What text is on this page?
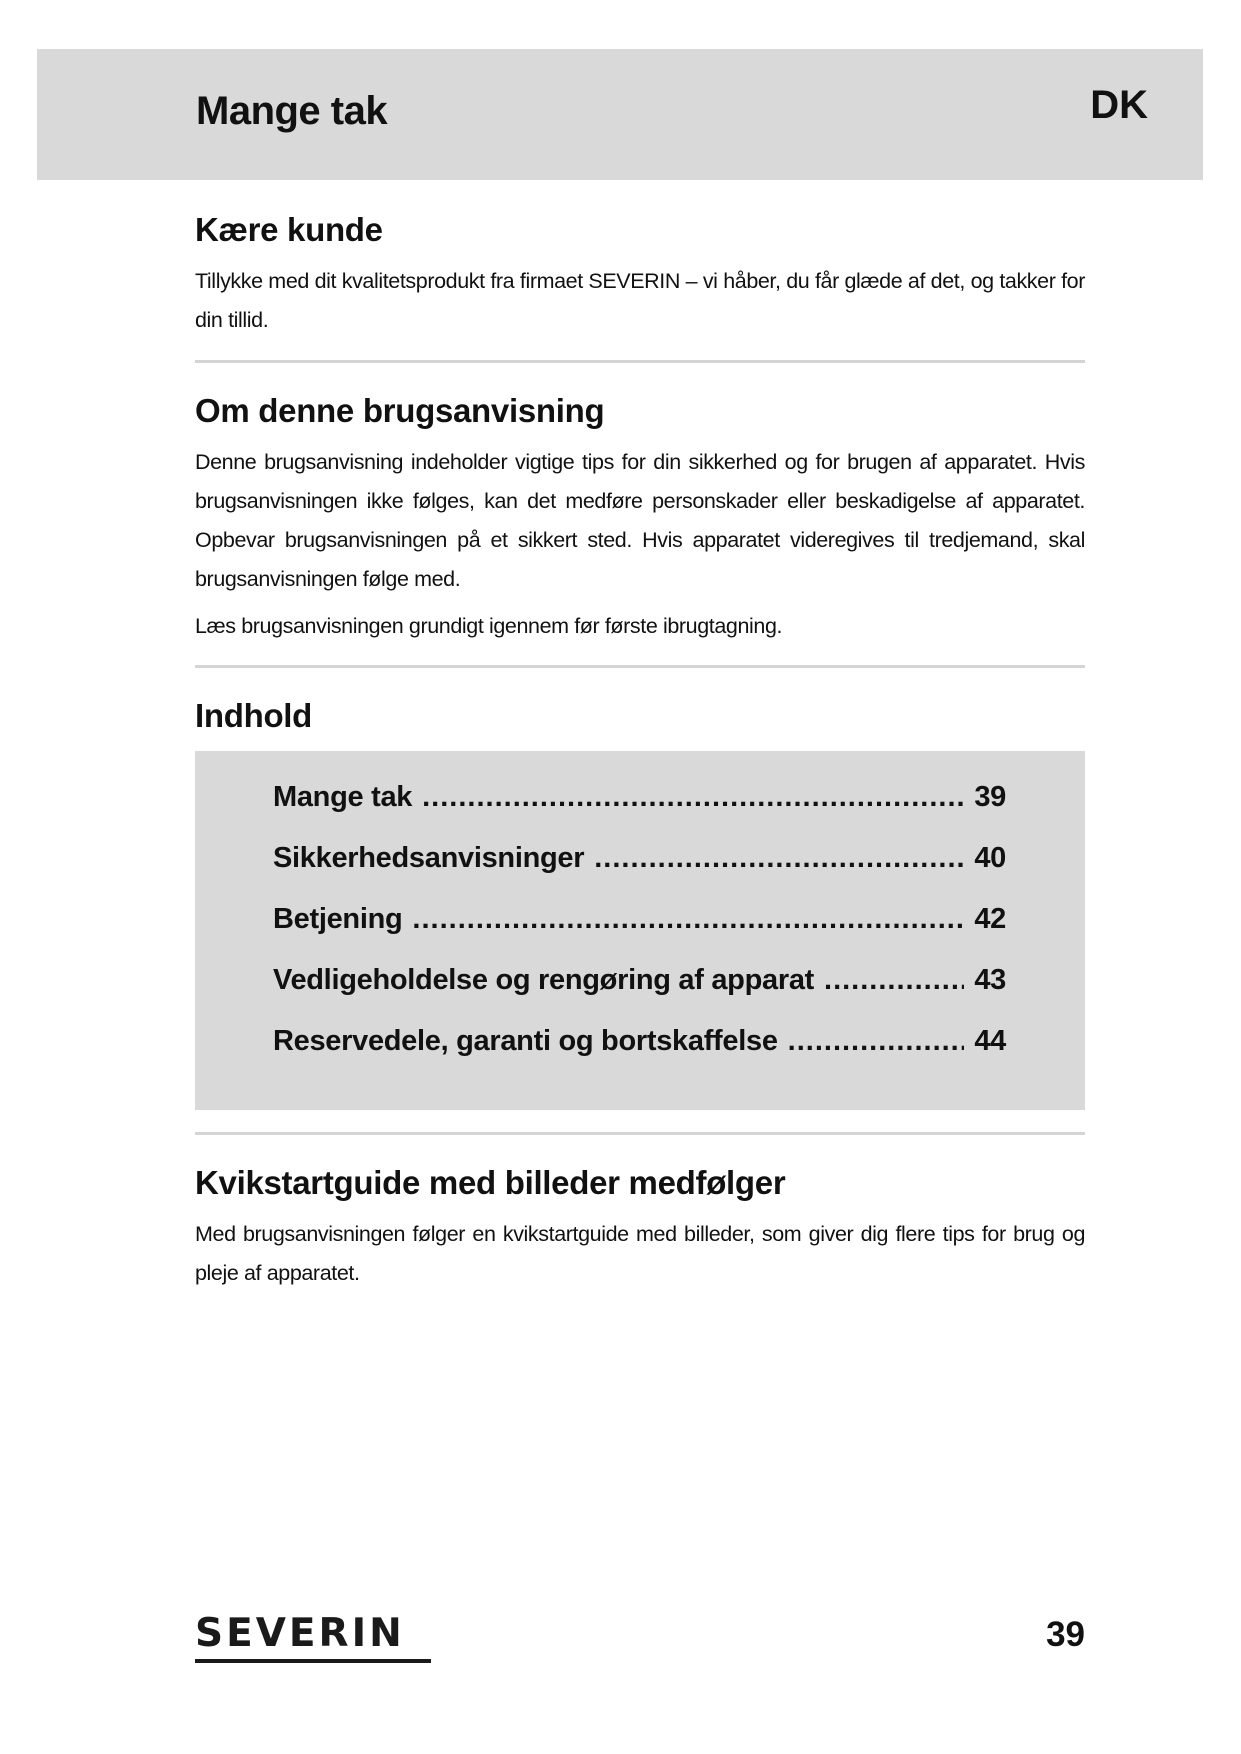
Mange tak	DK
Kære kunde

Tillykke med dit kvalitetsprodukt fra firmaet SEVERIN – vi håber, du får glæde af det, og takker for din tillid.

Om denne brugsanvisning

Denne brugsanvisning indeholder vigtige tips for din sikkerhed og for brugen af apparatet. Hvis brugsanvisningen ikke følges, kan det medføre personskader eller beskadigelse af apparatet. Opbevar brugsanvisningen på et sikkert sted. Hvis apparatet videregives til tredjemand, skal brugsanvisningen følge med.

Læs brugsanvisningen grundigt igennem før første ibrugtagning.

Indhold
Mange tak .....	39
Sikkerhedsanvisninger .....	40
Betjening .....	42
Vedligeholdelse og rengøring af apparat .....	43
Reservedele, garanti og bortskaffelse .....	44
Kvikstartguide med billeder medfølger

Med brugsanvisningen følger en kvikstartguide med billeder, som giver dig flere tips for brug og pleje af apparatet.

SEVERIN	39
